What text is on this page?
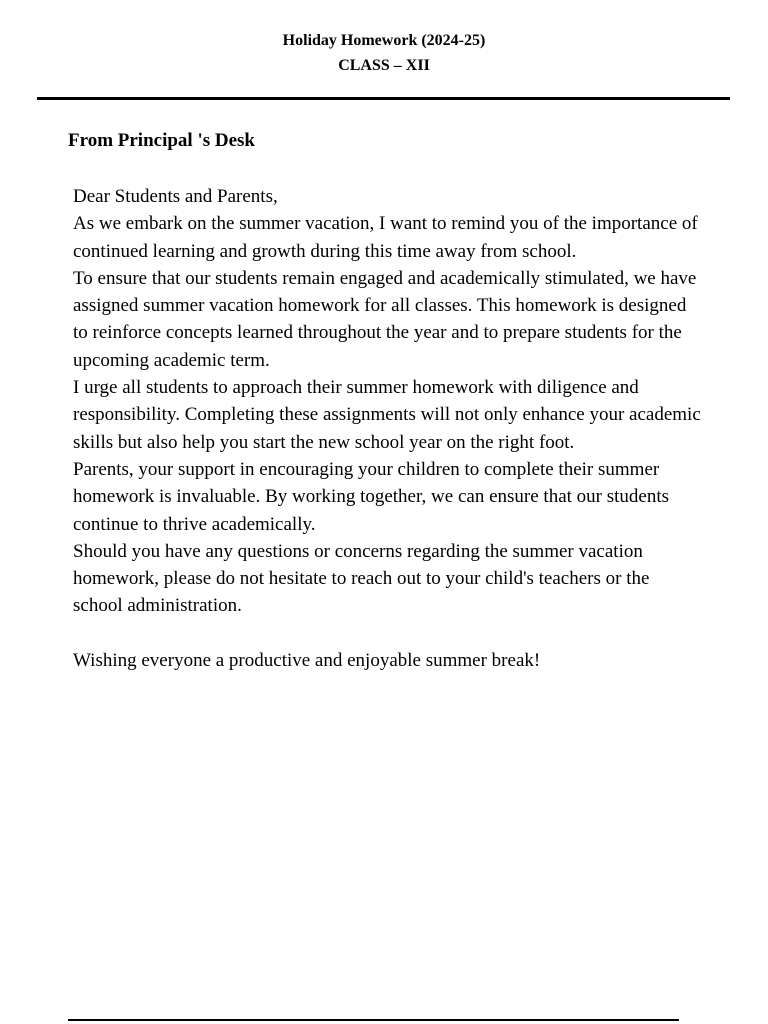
Holiday Homework (2024-25)
CLASS – XII
From Principal 's Desk

Dear Students and Parents,

As we embark on the summer vacation, I want to remind you of the importance of

continued learning and growth during this time away from school.

To ensure that our students remain engaged and academically stimulated, we have

assigned summer vacation homework for all classes. This homework is designed

to reinforce concepts learned throughout the year and to prepare students for the

upcoming academic term.

I urge all students to approach their summer homework with diligence and

responsibility. Completing these assignments will not only enhance your academic

skills but also help you start the new school year on the right foot.

Parents, your support in encouraging your children to complete their summer

homework is invaluable. By working together, we can ensure that our students

continue to thrive academically.

Should you have any questions or concerns regarding the summer vacation

homework, please do not hesitate to reach out to your child's teachers or the

school administration.

Wishing everyone a productive and enjoyable summer break!
